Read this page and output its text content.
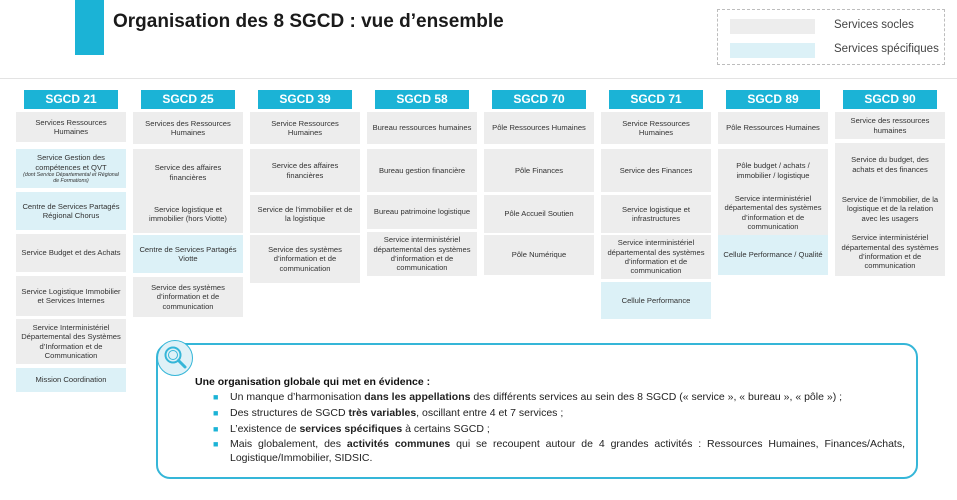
Organisation des 8 SGCD : vue d’ensemble	Services socles
Services spécifiques
SGCD 21
Services Ressources Humaines
Service Gestion des compétences et QVT
(dont Service Départemental et Régional de Formations)
Centre de Services Partagés Régional Chorus
Service Budget et des Achats
Service Logistique Immobilier et Services Internes
Service Interministériel Départemental des Systèmes d’Information et de Communication
Mission Coordination
SGCD 25
Services des Ressources Humaines
Service des affaires financières
Service logistique et immobilier (hors Viotte)
Centre de Services Partagés Viotte
Service des systèmes d’information et de communication
SGCD 39
Service Ressources Humaines
Service des affaires financières
Service de l’immobilier et de la logistique
Service des systèmes d’information et de communication
SGCD 58
Bureau ressources humaines
Bureau gestion financière
Bureau patrimoine logistique
Service interministériel départemental des systèmes d’information et de communication
SGCD 70
Pôle Ressources Humaines
Pôle Finances
Pôle Accueil Soutien
Pôle Numérique
SGCD 71
Service Ressources Humaines
Service des Finances
Service logistique et infrastructures
Service interministériel départemental des systèmes d’information et de communication
Cellule Performance
SGCD 89
Pôle Ressources Humaines
Pôle budget / achats / immobilier / logistique
Service interministériel départemental des systèmes d’information et de communication
Cellule Performance / Qualité
SGCD 90
Service des ressources humaines
Service du budget, des achats et des finances
Service de l’immobilier, de la logistique et de la relation avec les usagers
Service interministériel départemental des systèmes d’information et de communication

Une organisation globale qui met en évidence :

■ Un manque d’harmonisation dans les appellations des différents services au sein des 8 SGCD (« service », « bureau », « pôle ») ;
■ Des structures de SGCD très variables, oscillant entre 4 et 7 services ;
■ L’existence de services spécifiques à certains SGCD ;
■ Mais globalement, des activités communes qui se recoupent autour de 4 grandes activités : Ressources Humaines, Finances/Achats, Logistique/Immobilier, SIDSIC.
